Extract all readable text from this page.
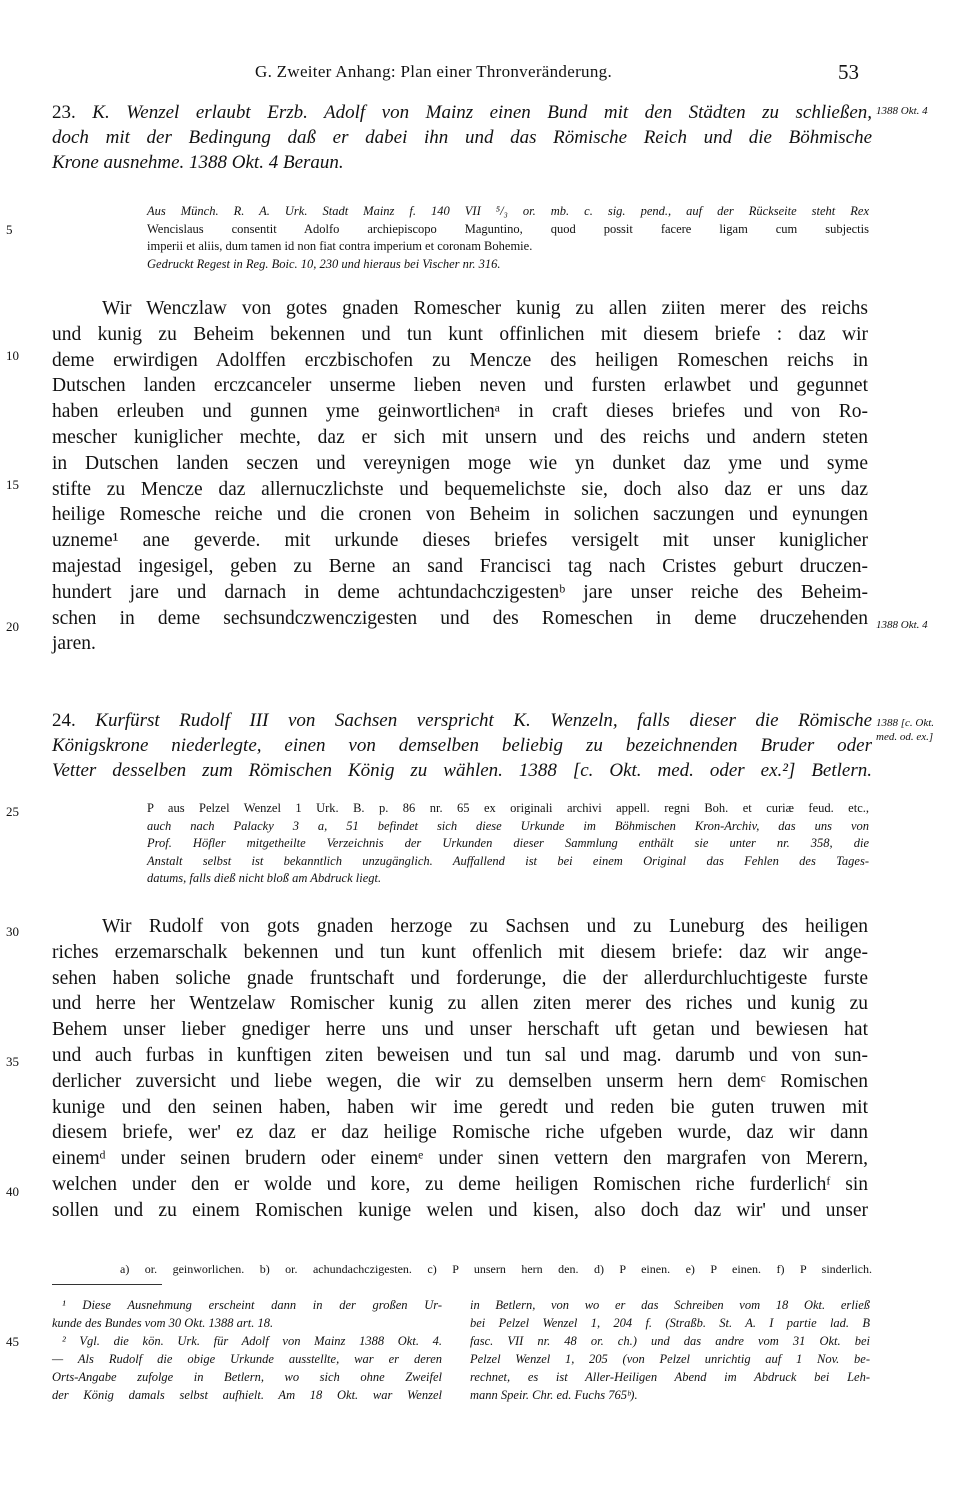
G. Zweiter Anhang: Plan einer Thronveränderung.	53
23. K. Wenzel erlaubt Erzb. Adolf von Mainz einen Bund mit den Städten zu schließen,
doch mit der Bedingung daß er dabei ihn und das Römische Reich und die Böhmische
Krone ausnehme. 1388 Okt. 4 Beraun.
1388 Okt. 4
Aus Münch. R. A. Urk. Stadt Mainz f. 140 VII ⁵/₃ or. mb. c. sig. pend., auf der Rückseite steht Rex
Wencislaus consentit Adolfo archiepiscopo Maguntino, quod possit facere ligam cum subjectis
imperii et aliis, dum tamen id non fiat contra imperium et coronam Bohemie.
Gedruckt Regest in Reg. Boic. 10, 230 und hieraus bei Vischer nr. 316.
5
Wir Wenczlaw von gotes gnaden Romescher kunig zu allen ziiten merer des reichs
und kunig zu Beheim bekennen und tun kunt offinlichen mit diesem briefe : daz wir
deme erwirdigen Adolffen erczbischofen zu Mencze des heiligen Romeschen reichs in
Dutschen landen erczcanceler unserme lieben neven und fursten erlawbet und gegunnet
haben erleuben und gunnen yme geinwortlichenᵃ in craft dieses briefes und von Ro-
mescher kuniglicher mechte, daz er sich mit unsern und des reichs und andern steten
in Dutschen landen seczen und vereynigen moge wie yn dunket daz yme und syme
stifte zu Mencze daz allernuczlichste und bequemelichste sie, doch also daz er uns daz
heilige Romesche reiche und die cronen von Beheim in solichen saczungen und eynungen
uzneme¹ ane geverde. mit urkunde dieses briefes versigelt mit unser kuniglicher
majestad ingesigel, geben zu Berne an sand Francisci tag nach Cristes geburt druczen-
hundert jare und darnach in deme achtundachczigestenᵇ jare unser reiche des Beheim-
schen in deme sechsundczwenczigesten und des Romeschen in deme druczehenden
jaren.
10
15
20	1388 Okt. 4
24. Kurfürst Rudolf III von Sachsen verspricht K. Wenzeln, falls dieser die Römische
Königskrone niederlegte, einen von demselben beliebig zu bezeichnenden Bruder oder
Vetter desselben zum Römischen König zu wählen. 1388 [c. Okt. med. oder ex.²] Betlern.
1388 [c. Okt. med. od. ex.]
P aus Pelzel Wenzel 1 Urk. B. p. 86 nr. 65 ex originali archivi appell. regni Boh. et curiæ feud. etc.,
auch nach Palacky 3 a, 51 befindet sich diese Urkunde im Böhmischen Kron-Archiv, das uns von
Prof. Höfler mitgetheilte Verzeichnis der Urkunden dieser Sammlung enthält sie unter nr. 358, die
Anstalt selbst ist bekanntlich unzugänglich. Auffallend ist bei einem Original das Fehlen des Tages-
datums, falls dieß nicht bloß am Abdruck liegt.
25
Wir Rudolf von gots gnaden herzoge zu Sachsen und zu Luneburg des heiligen
riches erzemarschalk bekennen und tun kunt offenlich mit diesem briefe: daz wir ange-
sehen haben soliche gnade fruntschaft und forderunge, die der allerdurchluchtigeste furste
und herre her Wentzelaw Romischer kunig zu allen ziten merer des riches und kunig zu
Behem unser lieber gnediger herre uns und unser herschaft uft getan und bewiesen hat
und auch furbas in kunftigen ziten beweisen und tun sal und mag. darumb und von sun-
derlicher zuversicht und liebe wegen, die wir zu demselben unserm hern demᶜ Romischen
kunige und den seinen haben, haben wir ime geredt und reden bie guten truwen mit
diesem briefe, wer' ez daz er daz heilige Romische riche ufgeben wurde, daz wir dann
einemᵈ under seinen brudern oder einemᵉ under sinen vettern den margrafen von Merern,
welchen under den er wolde und kore, zu deme heiligen Romischen riche furderlichᶠ sin
sollen und zu einem Romischen kunige welen und kisen, also doch daz wir' und unser
30
35
40
a) or. geinworlichen. b) or. achundachczigesten. c) P unsern hern den. d) P einen. e) P einen. f) P sinderlich.
¹ Diese Ausnehmung erscheint dann in der großen Ur-
kunde des Bundes vom 30 Okt. 1388 art. 18.
² Vgl. die kön. Urk. für Adolf von Mainz 1388 Okt. 4.
— Als Rudolf die obige Urkunde ausstellte, war er deren
Orts-Angabe zufolge in Betlern, wo sich ohne Zweifel
der König damals selbst aufhielt. Am 18 Okt. war Wenzel
45
in Betlern, von wo er das Schreiben vom 18 Okt. erließ
bei Pelzel Wenzel 1, 204 f. (Straßb. St. A. I partie lad. B
fasc. VII nr. 48 or. ch.) und das andre vom 31 Okt. bei
Pelzel Wenzel 1, 205 (von Pelzel unrichtig auf 1 Nov. be-
rechnet, es ist Aller-Heiligen Abend im Abdruck bei Leh-
mann Speir. Chr. ed. Fuchs 765ᵇ).
